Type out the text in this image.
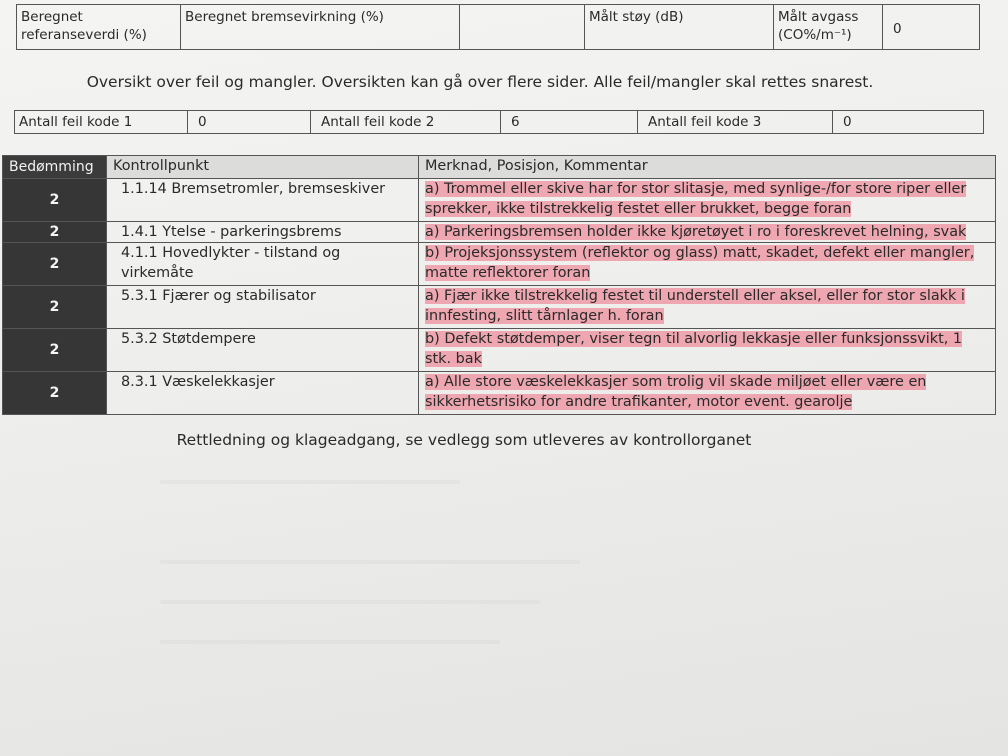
Beregnet referanseverdi (%)	Beregnet bremsevirkning (%)		Målt støy (dB)	Målt avgass (CO%/m⁻¹)	0
Oversikt over feil og mangler. Oversikten kan gå over flere sider. Alle feil/mangler skal rettes snarest.
Antall feil kode 1	0	Antall feil kode 2	6	Antall feil kode 3	0
Bedømming	Kontrollpunkt	Merknad, Posisjon, Kommentar
2	1.1.14 Bremsetromler, bremseskiver	a) Trommel eller skive har for stor slitasje, med synlige-/for store riper eller sprekker, ikke tilstrekkelig festet eller brukket, begge foran
2	1.4.1 Ytelse - parkeringsbrems	a) Parkeringsbremsen holder ikke kjøretøyet i ro i foreskrevet helning, svak
2	4.1.1 Hovedlykter - tilstand og virkemåte	b) Projeksjonssystem (reflektor og glass) matt, skadet, defekt eller mangler, matte reflektorer foran
2	5.3.1 Fjærer og stabilisator	a) Fjær ikke tilstrekkelig festet til understell eller aksel, eller for stor slakk i innfesting, slitt tårnlager h. foran
2	5.3.2 Støtdempere	b) Defekt støtdemper, viser tegn til alvorlig lekkasje eller funksjonssvikt, 1 stk. bak
2	8.3.1 Væskelekkasjer	a) Alle store væskelekkasjer som trolig vil skade miljøet eller være en sikkerhetsrisiko for andre trafikanter, motor event. gearolje
Rettledning og klageadgang, se vedlegg som utleveres av kontrollorganet
